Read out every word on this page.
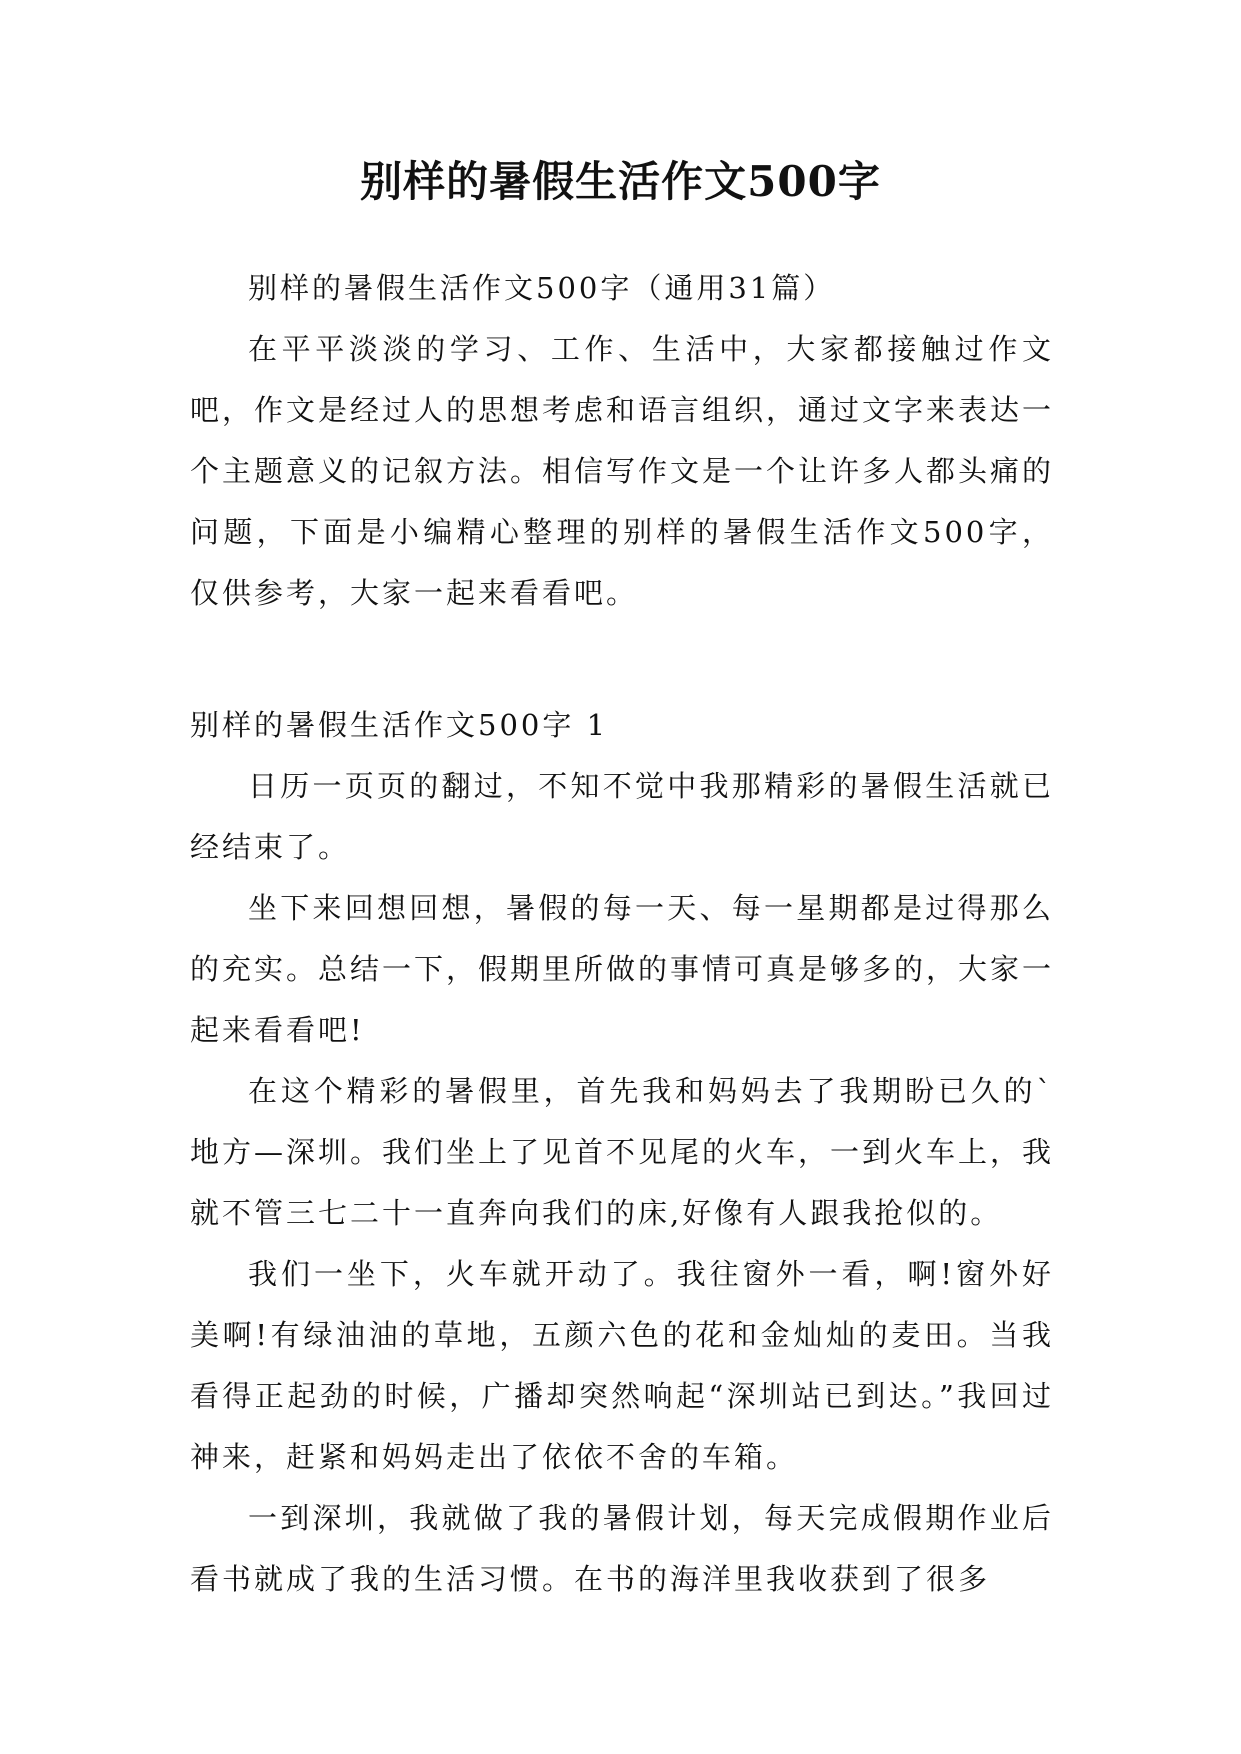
别样的暑假生活作文500字

别样的暑假生活作文500字（通用31篇）

在平平淡淡的学习、工作、生活中，大家都接触过作文吧，作文是经过人的思想考虑和语言组织，通过文字来表达一个主题意义的记叙方法。相信写作文是一个让许多人都头痛的问题，下面是小编精心整理的别样的暑假生活作文500字，仅供参考，大家一起来看看吧。

别样的暑假生活作文500字 1

日历一页页的翻过，不知不觉中我那精彩的暑假生活就已经结束了。

坐下来回想回想，暑假的每一天、每一星期都是过得那么的充实。总结一下，假期里所做的事情可真是够多的，大家一起来看看吧!

在这个精彩的暑假里，首先我和妈妈去了我期盼已久的`地方—深圳。我们坐上了见首不见尾的火车，一到火车上，我就不管三七二十一直奔向我们的床,好像有人跟我抢似的。

我们一坐下，火车就开动了。我往窗外一看，啊!窗外好美啊!有绿油油的草地，五颜六色的花和金灿灿的麦田。当我看得正起劲的时候，广播却突然响起“深圳站已到达。”我回过神来，赶紧和妈妈走出了依依不舍的车箱。

一到深圳，我就做了我的暑假计划，每天完成假期作业后看书就成了我的生活习惯。在书的海洋里我收获到了很多
